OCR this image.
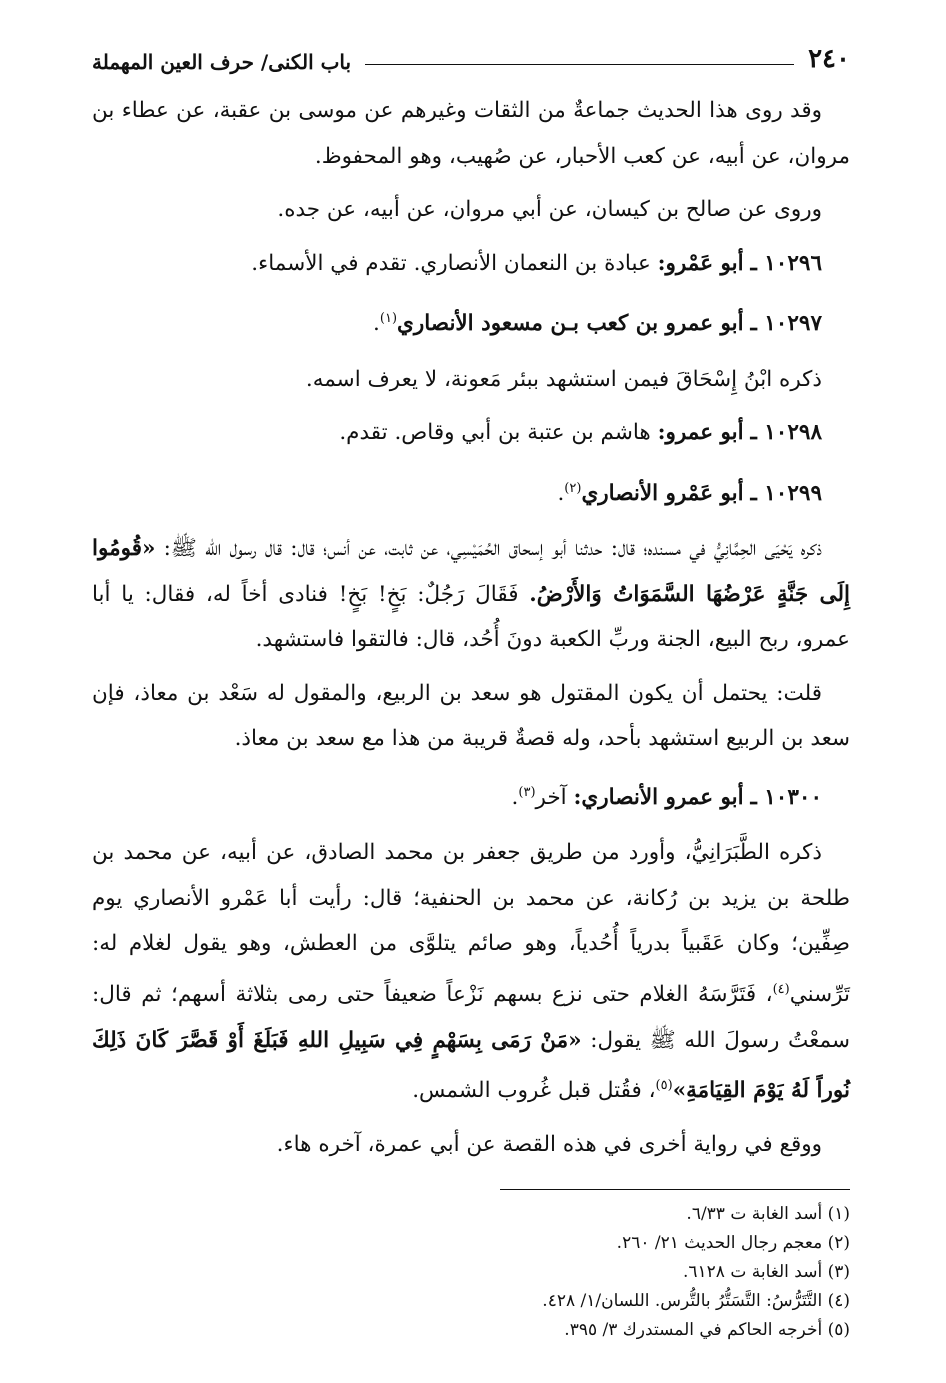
٢٤٠
باب الكنى/ حرف العين المهملة

وقد روى هذا الحديث جماعةٌ من الثقات وغيرهم عن موسى بن عقبة، عن عطاء بن مروان، عن أبيه، عن كعب الأحبار، عن صُهيب، وهو المحفوظ.

وروى عن صالح بن كيسان، عن أبي مروان، عن أبيه، عن جده.

١٠٢٩٦ ـ أبو عَمْرو: عبادة بن النعمان الأنصاري. تقدم في الأسماء.

١٠٢٩٧ ـ أبو عمرو بن كعب بـن مسعود الأنصاري$^{(١)}$.

ذكره ابْنُ إِسْحَاقَ فيمن استشهد ببئر مَعونة، لا يعرف اسمه.

١٠٢٩٨ ـ أبو عمرو: هاشم بن عتبة بن أبي وقاص. تقدم.

١٠٢٩٩ ـ أبو عَمْرو الأنصاري$^{(٢)}$.

ذكره يَحْيَى الحِمَّانِيُّ في مسنده؛ قال: حدثنا أبو إسحاق الحُمَيْسِي، عن ثابت، عن أنس؛ قال: قال رسول الله ﷺ: «قُومُوا إِلَى جَنَّةٍ عَرْضُهَا السَّمَوَاتُ وَالأَرْضُ. فَقَالَ رَجُلٌ: بَخٍ! بَخٍ! فنادى أخاً له، فقال: يا أبا عمرو، ربح البيع، الجنة وربِّ الكعبة دونَ أُحُد، قال: فالتقوا فاستشهد.

قلت: يحتمل أن يكون المقتول هو سعد بن الربيع، والمقول له سَعْد بن معاذ، فإن سعد بن الربيع استشهد بأحد، وله قصةٌ قريبة من هذا مع سعد بن معاذ.

١٠٣٠٠ ـ أبو عمرو الأنصاري: آخر$^{(٣)}$.

ذكره الطَّبَرَانِيُّ، وأورد من طريق جعفر بن محمد الصادق، عن أبيه، عن محمد بن طلحة بن يزيد بن رُكانة، عن محمد بن الحنفية؛ قال: رأيت أبا عَمْرو الأنصاري يوم صِفِّين؛ وكان عَقَبياً بدرياً أُحُدياً، وهو صائم يتلوَّى من العطش، وهو يقول لغلام له: تَرِّسني$^{(٤)}$، فَتَرَّسَهُ الغلام حتى نزع بسهم نَزْعاً ضعيفاً حتى رمى بثلاثة أسهم؛ ثم قال: سمعْتُ رسولَ الله ﷺ يقول: «مَنْ رَمَى بِسَهْمٍ فِي سَبِيلِ اللهِ فَبَلَغَ أَوْ قَصَّرَ كَانَ ذَلِكَ نُوراً لَهُ يَوْمَ القِيَامَةِ»$^{(٥)}$، فقُتل قبل غُروب الشمس.

ووقع في رواية أخرى في هذه القصة عن أبي عمرة، آخره هاء.

(١) أسد الغابة ت ٦/٣٣.

(٢) معجم رجال الحديث ٢١/ ٢٦٠.

(٣) أسد الغابة ت ٦١٢٨.

(٤) التَّتَرُّسُ: التَّسَتُّرُ بالتُّرس. اللسان/١/ ٤٢٨.

(٥) أخرجه الحاكم في المستدرك ٣/ ٣٩٥.
